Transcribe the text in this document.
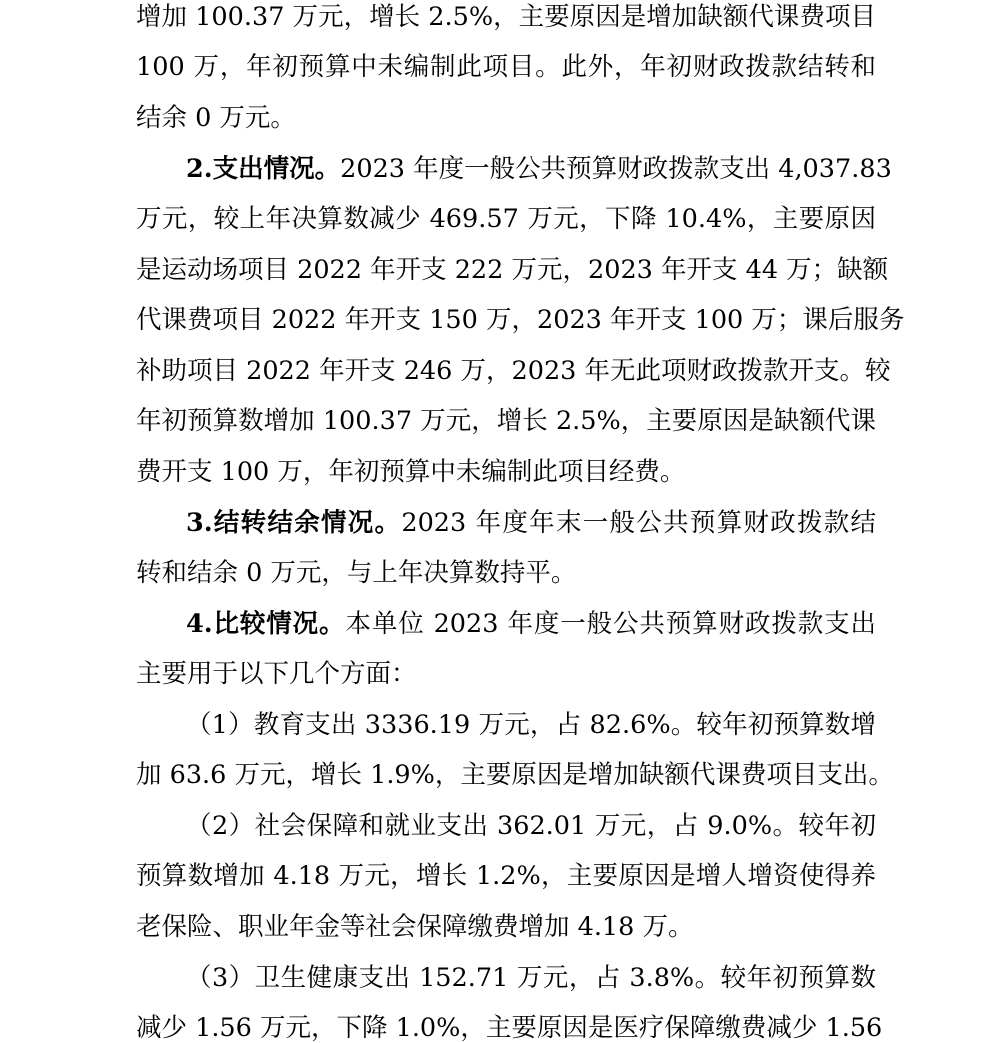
增加 100.37 万元，增长 2.5%，主要原因是增加缺额代课费项目
100 万，年初预算中未编制此项目。此外，年初财政拨款结转和
结余 0 万元。
2.支出情况。2023 年度一般公共预算财政拨款支出 4,037.83
万元，较上年决算数减少 469.57 万元，下降 10.4%，主要原因
是运动场项目 2022 年开支 222 万元，2023 年开支 44 万；缺额
代课费项目 2022 年开支 150 万，2023 年开支 100 万；课后服务
补助项目 2022 年开支 246 万，2023 年无此项财政拨款开支。较
年初预算数增加 100.37 万元，增长 2.5%，主要原因是缺额代课
费开支 100 万，年初预算中未编制此项目经费。
3.结转结余情况。2023 年度年末一般公共预算财政拨款结
转和结余 0 万元，与上年决算数持平。
4.比较情况。本单位 2023 年度一般公共预算财政拨款支出
主要用于以下几个方面：
（1）教育支出 3336.19 万元，占 82.6%。较年初预算数增
加 63.6 万元，增长 1.9%，主要原因是增加缺额代课费项目支出。
（2）社会保障和就业支出 362.01 万元，占 9.0%。较年初
预算数增加 4.18 万元，增长 1.2%，主要原因是增人增资使得养
老保险、职业年金等社会保障缴费增加 4.18 万。
（3）卫生健康支出 152.71 万元，占 3.8%。较年初预算数
减少 1.56 万元，下降 1.0%，主要原因是医疗保障缴费减少 1.56
